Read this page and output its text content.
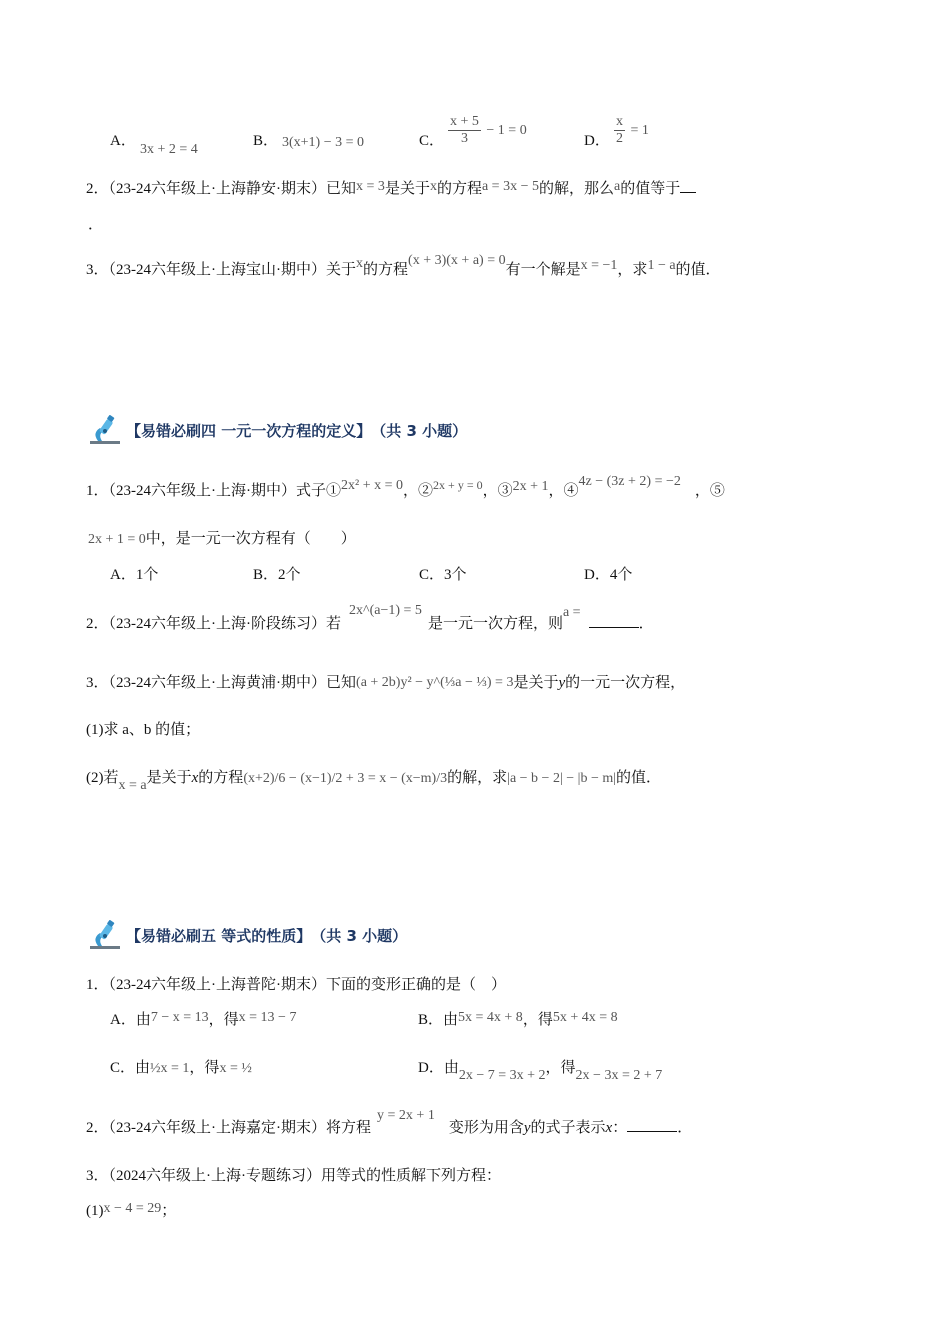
A．
3x + 2 = 4
B． 3(x+1) − 3 = 0	C． $\frac{x + 5}{3} - 1 = 0$
D． $\frac{x}{2} = 1$
2．（23-24六年级上·上海静安·期末）已知x = 3是关于x的方程a = 3x − 5的解，那么a的值等于
．
3．（23-24六年级上·上海宝山·期中）关于x的方程(x + 3)(x + a) = 0有一个解是x = −1，求1 − a的值．
【易错必刷四 一元一次方程的定义】 （共 3 小题）
1．（23-24六年级上·上海·期中）式子①2x² + x = 0，②$^{2x + y = 0}$，③2x + 1，④4z − (3z + 2) = −2，⑤
2x + 1 = 0中，是一元一次方程有（　　）
A．1个	B．2个	C．3个	D．4个
2．（23-24六年级上·上海·阶段练习）若2x^(a−1) = 5是一元一次方程，则a =．
3．（23-24六年级上·上海黄浦·期中）已知(a + 2b)y² − y^(⅓a − ⅓) = 3是关于y的一元一次方程，
(1)求 a、b 的值；
(2)若x = a是关于x的方程(x+2)/6 − (x−1)/2 + 3 = x − (x−m)/3的解，求|a − b − 2| − |b − m|的值．
【易错必刷五 等式的性质】 （共 3 小题）
1．（23-24六年级上·上海普陀·期末）下面的变形正确的是（　）
A．由7 − x = 13，得x = 13 − 7	B．由5x = 4x + 8，得5x + 4x = 8
C．由½x = 1，得x = ½	D．由2x − 7 = 3x + 2，得2x − 3x = 2 + 7
2．（23-24六年级上·上海嘉定·期末）将方程y = 2x + 1变形为用含y的式子表示x：	．
3．（2024六年级上·上海·专题练习）用等式的性质解下列方程：
(1)x − 4 = 29；
